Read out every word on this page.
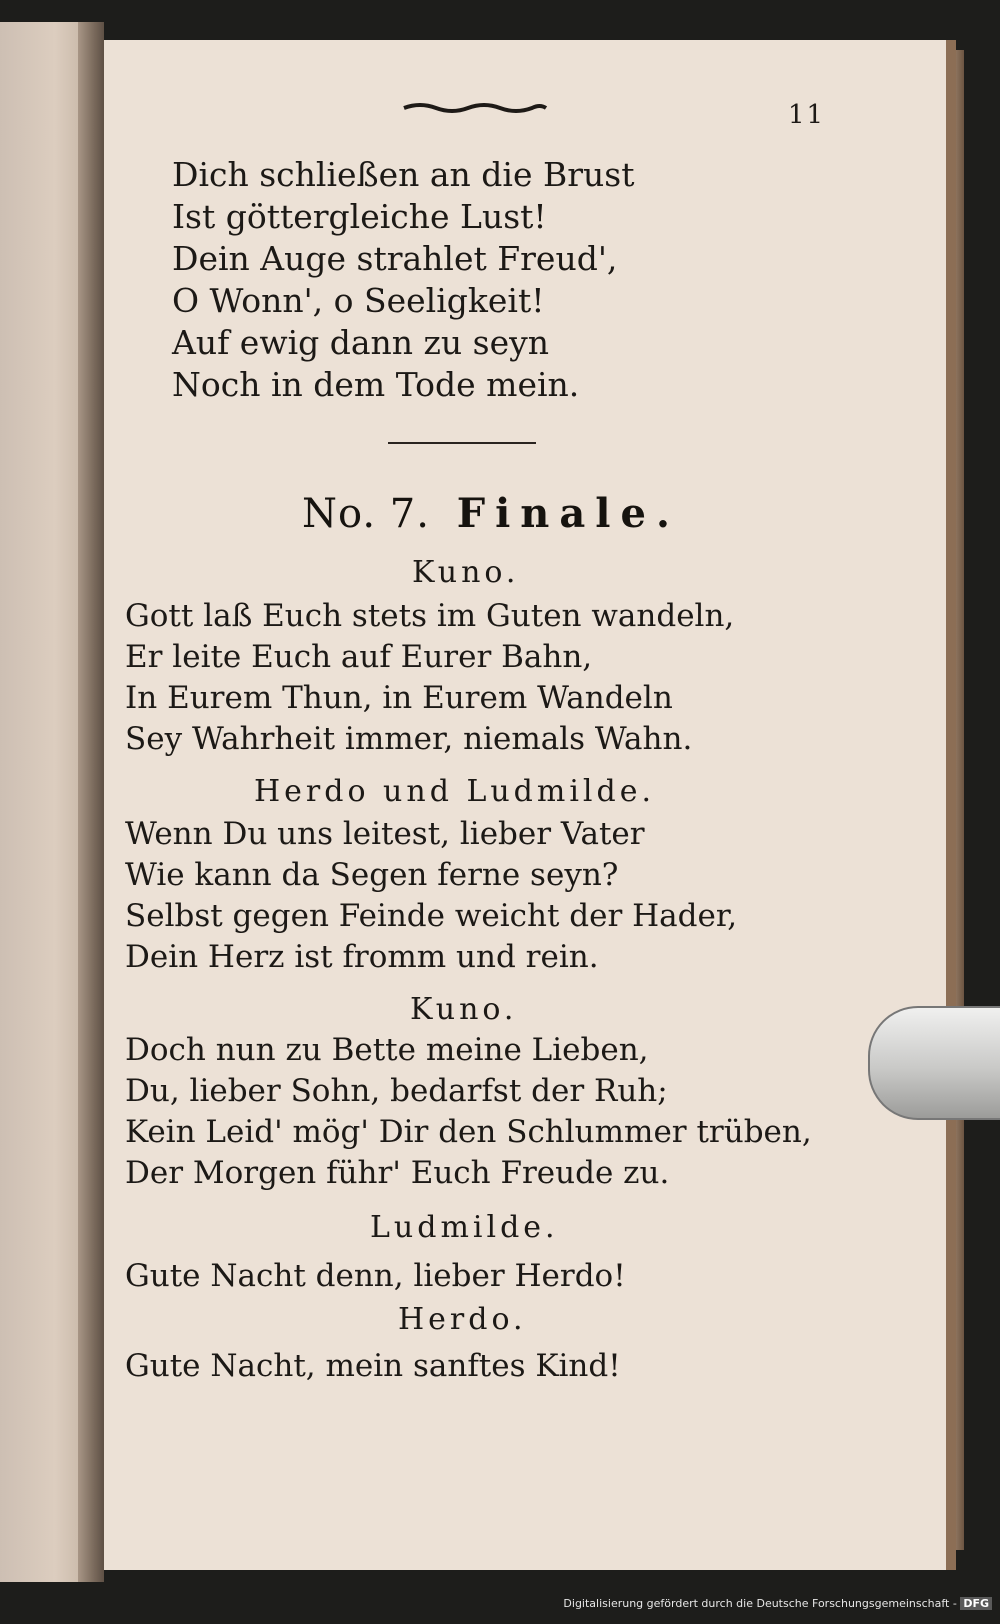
11
Dich schließen an die Brust
Ist göttergleiche Lust!
Dein Auge strahlet Freud',
O Wonn', o Seeligkeit!
Auf ewig dann zu seyn
Noch in dem Tode mein.
No. 7. Finale.
Kuno.
Gott laß Euch stets im Guten wandeln,
Er leite Euch auf Eurer Bahn,
In Eurem Thun, in Eurem Wandeln
Sey Wahrheit immer, niemals Wahn.
Herdo und Ludmilde.
Wenn Du uns leitest, lieber Vater
Wie kann da Segen ferne seyn?
Selbst gegen Feinde weicht der Hader,
Dein Herz ist fromm und rein.
Kuno.
Doch nun zu Bette meine Lieben,
Du, lieber Sohn, bedarfst der Ruh;
Kein Leid' mög' Dir den Schlummer trüben,
Der Morgen führ' Euch Freude zu.
Ludmilde.
Gute Nacht denn, lieber Herdo!
Herdo.
Gute Nacht, mein sanftes Kind!
Digitalisierung gefördert durch die Deutsche Forschungsgemeinschaft - DFG
